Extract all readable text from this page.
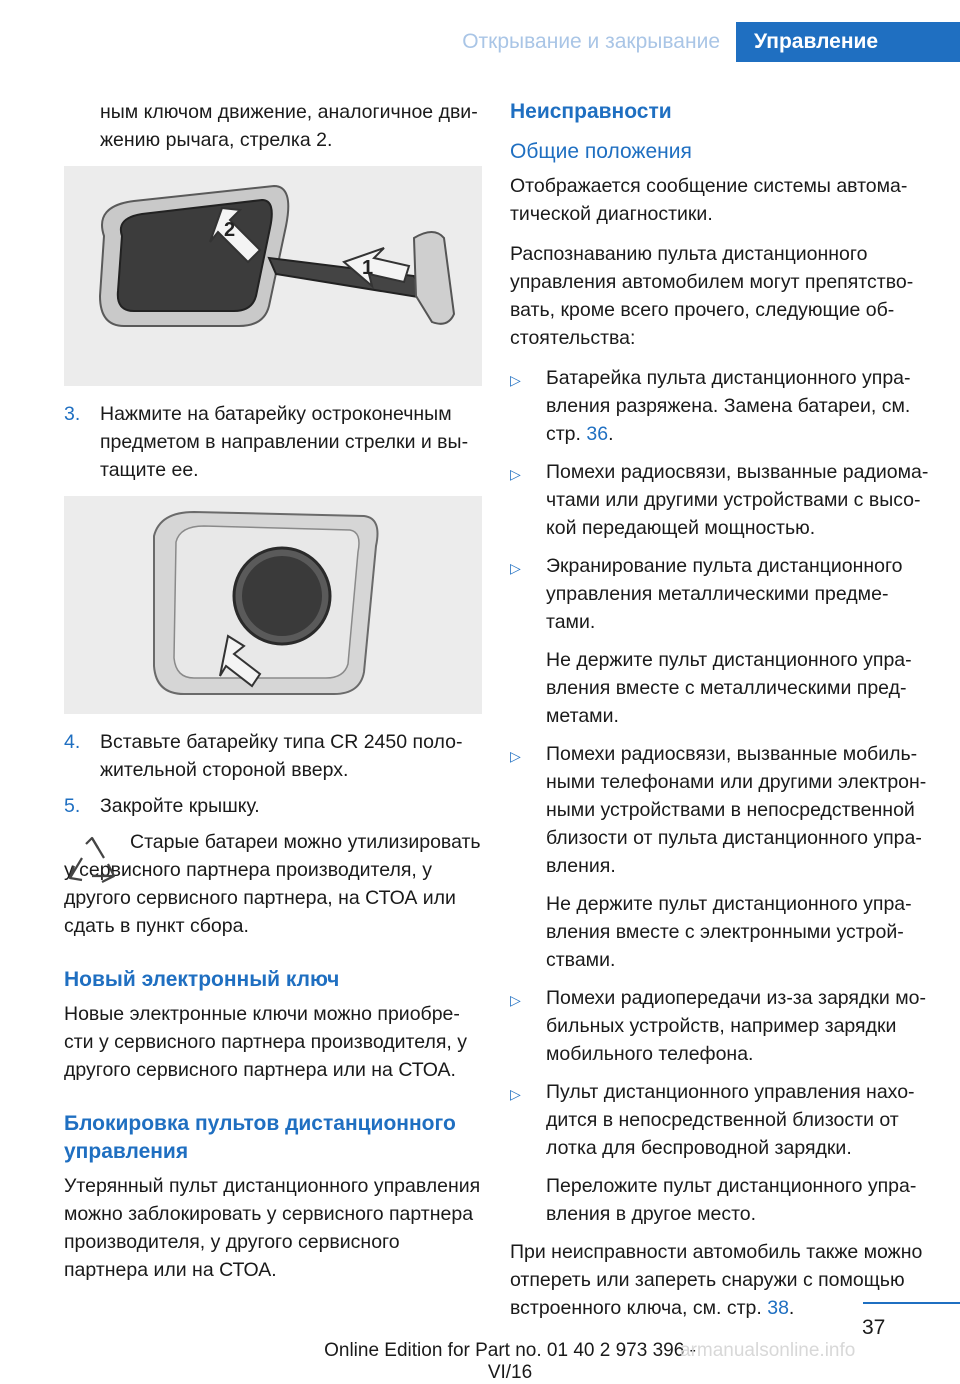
Открывание и закрывание	Управление

ным ключом движение, аналогичное движению рычага, стрелка 2.

1
2
3.	Нажмите на батарейку остроконечным предметом в направлении стрелки и вытащите ее.
4.	Вставьте батарейку типа CR 2450 положительной стороной вверх.
5.	Закройте крышку.

Старые батареи можно утилизировать у сервисного партнера производителя, у другого сервисного партнера, на СТОА или сдать в пункт сбора.

Новый электронный ключ

Новые электронные ключи можно приобрести у сервисного партнера производителя, у другого сервисного партнера или на СТОА.

Блокировка пультов дистанционного управления

Утерянный пульт дистанционного управления можно заблокировать у сервисного партнера производителя, у другого сервисного партнера или на СТОА.

Неисправности
Общие положения

Отображается сообщение системы автоматической диагностики.

Распознаванию пульта дистанционного управления автомобилем могут препятствовать, кроме всего прочего, следующие обстоятельства:

▷	Батарейка пульта дистанционного управления разряжена. Замена батареи, см. стр. 36.
▷	Помехи радиосвязи, вызванные радиомачтами или другими устройствами с высокой передающей мощностью.
▷	Экранирование пульта дистанционного управления металлическими предметами.

Не держите пульт дистанционного управления вместе с металлическими предметами.

▷	Помехи радиосвязи, вызванные мобильными телефонами или другими электронными устройствами в непосредственной близости от пульта дистанционного управления.

Не держите пульт дистанционного управления вместе с электронными устройствами.

▷	Помехи радиопередачи из-за зарядки мобильных устройств, например зарядки мобильного телефона.
▷	Пульт дистанционного управления находится в непосредственной близости от лотка для беспроводной зарядки.

Переложите пульт дистанционного управления в другое место.

При неисправности автомобиль также можно отпереть или запереть снаружи с помощью встроенного ключа, см. стр. 38.

37
Online Edition for Part no. 01 40 2 973 396 - VI/16
armanualsonline.info
